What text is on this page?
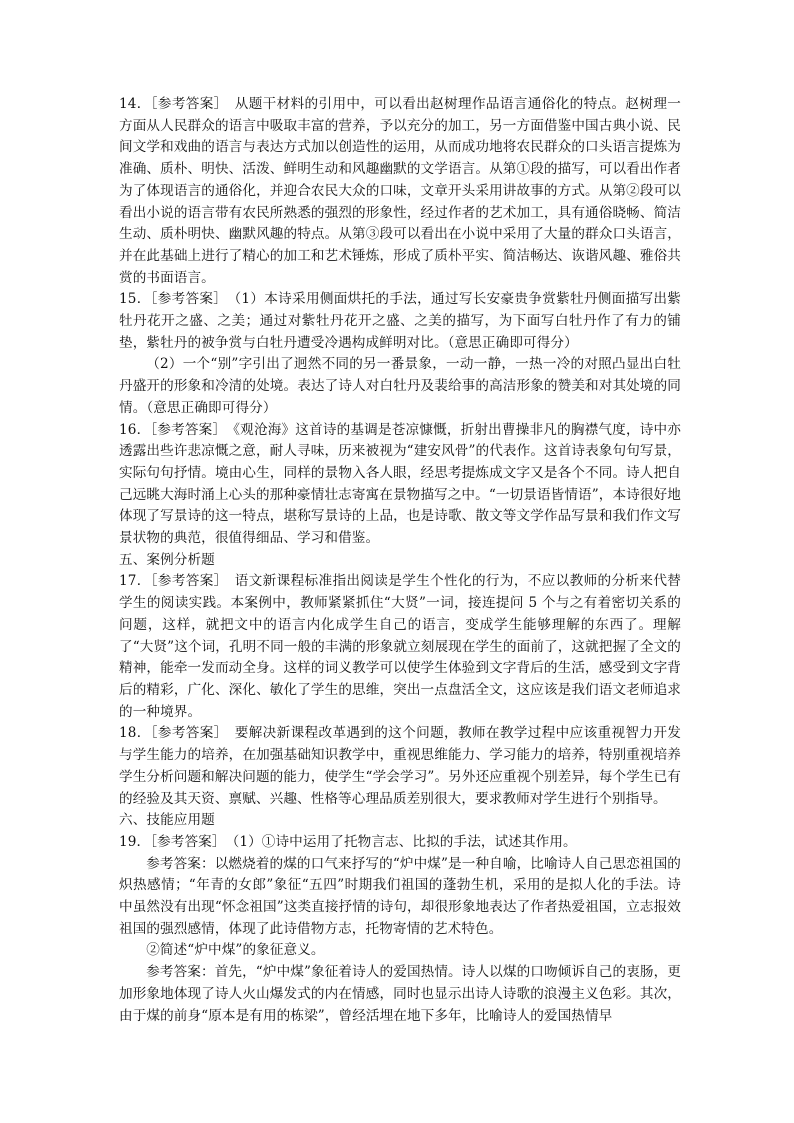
14．［参考答案］　从题干材料的引用中，可以看出赵树理作品语言通俗化的特点。赵树理一方面从人民群众的语言中吸取丰富的营养，予以充分的加工，另一方面借鉴中国古典小说、民间文学和戏曲的语言与表达方式加以创造性的运用，从而成功地将农民群众的口头语言提炼为准确、质朴、明快、活泼、鲜明生动和风趣幽默的文学语言。从第①段的描写，可以看出作者为了体现语言的通俗化，并迎合农民大众的口味，文章开头采用讲故事的方式。从第②段可以看出小说的语言带有农民所熟悉的强烈的形象性，经过作者的艺术加工，具有通俗晓畅、简洁生动、质朴明快、幽默风趣的特点。从第③段可以看出在小说中采用了大量的群众口头语言，并在此基础上进行了精心的加工和艺术锤炼，形成了质朴平实、简洁畅达、诙谐风趣、雅俗共赏的书面语言。

15．［参考答案］　（1）本诗采用侧面烘托的手法，通过写长安豪贵争赏紫牡丹侧面描写出紫牡丹花开之盛、之美；通过对紫牡丹花开之盛、之美的描写，为下面写白牡丹作了有力的铺垫，紫牡丹的被争赏与白牡丹遭受冷遇构成鲜明对比。（意思正确即可得分）

（2）一个“别”字引出了迥然不同的另一番景象，一动一静，一热一冷的对照凸显出白牡丹盛开的形象和冷清的处境。表达了诗人对白牡丹及裴给事的高洁形象的赞美和对其处境的同情。（意思正确即可得分）

16．［参考答案］　《观沧海》这首诗的基调是苍凉慷慨，折射出曹操非凡的胸襟气度，诗中亦透露出些许悲凉慨之意，耐人寻味，历来被视为“建安风骨”的代表作。这首诗表象句句写景，实际句句抒情。境由心生，同样的景物入各人眼，经思考提炼成文字又是各个不同。诗人把自己远眺大海时涌上心头的那种豪情壮志寄寓在景物描写之中。“一切景语皆情语”，本诗很好地体现了写景诗的这一特点，堪称写景诗的上品，也是诗歌、散文等文学作品写景和我们作文写景状物的典范，很值得细品、学习和借鉴。

五、案例分析题

17．［参考答案］　语文新课程标准指出阅读是学生个性化的行为，不应以教师的分析来代替学生的阅读实践。本案例中，教师紧紧抓住“大贤”一词，接连提问 5 个与之有着密切关系的问题，这样，就把文中的语言内化成学生自己的语言，变成学生能够理解的东西了。理解了“大贤”这个词，孔明不同一般的丰满的形象就立刻展现在学生的面前了，这就把握了全文的精神，能牵一发而动全身。这样的词义教学可以使学生体验到文字背后的生活，感受到文字背后的精彩，广化、深化、敏化了学生的思维，突出一点盘活全文，这应该是我们语文老师追求的一种境界。

18．［参考答案］　要解决新课程改革遇到的这个问题，教师在教学过程中应该重视智力开发与学生能力的培养，在加强基础知识教学中，重视思维能力、学习能力的培养，特别重视培养学生分析问题和解决问题的能力，使学生“学会学习”。另外还应重视个别差异，每个学生已有的经验及其天资、禀赋、兴趣、性格等心理品质差别很大，要求教师对学生进行个别指导。

六、技能应用题

19．［参考答案］　（1）①诗中运用了托物言志、比拟的手法，试述其作用。

参考答案：以燃烧着的煤的口气来抒写的“炉中煤”是一种自喻，比喻诗人自己思恋祖国的炽热感情；“年青的女郎”象征“五四”时期我们祖国的蓬勃生机，采用的是拟人化的手法。诗中虽然没有出现“怀念祖国”这类直接抒情的诗句，却很形象地表达了作者热爱祖国，立志报效祖国的强烈感情，体现了此诗借物方志，托物寄情的艺术特色。

②简述“炉中煤”的象征意义。

参考答案：首先，“炉中煤”象征着诗人的爱国热情。诗人以煤的口吻倾诉自己的衷肠，更加形象地体现了诗人火山爆发式的内在情感，同时也显示出诗人诗歌的浪漫主义色彩。其次，由于煤的前身“原本是有用的栋梁”，曾经活埋在地下多年，比喻诗人的爱国热情早
